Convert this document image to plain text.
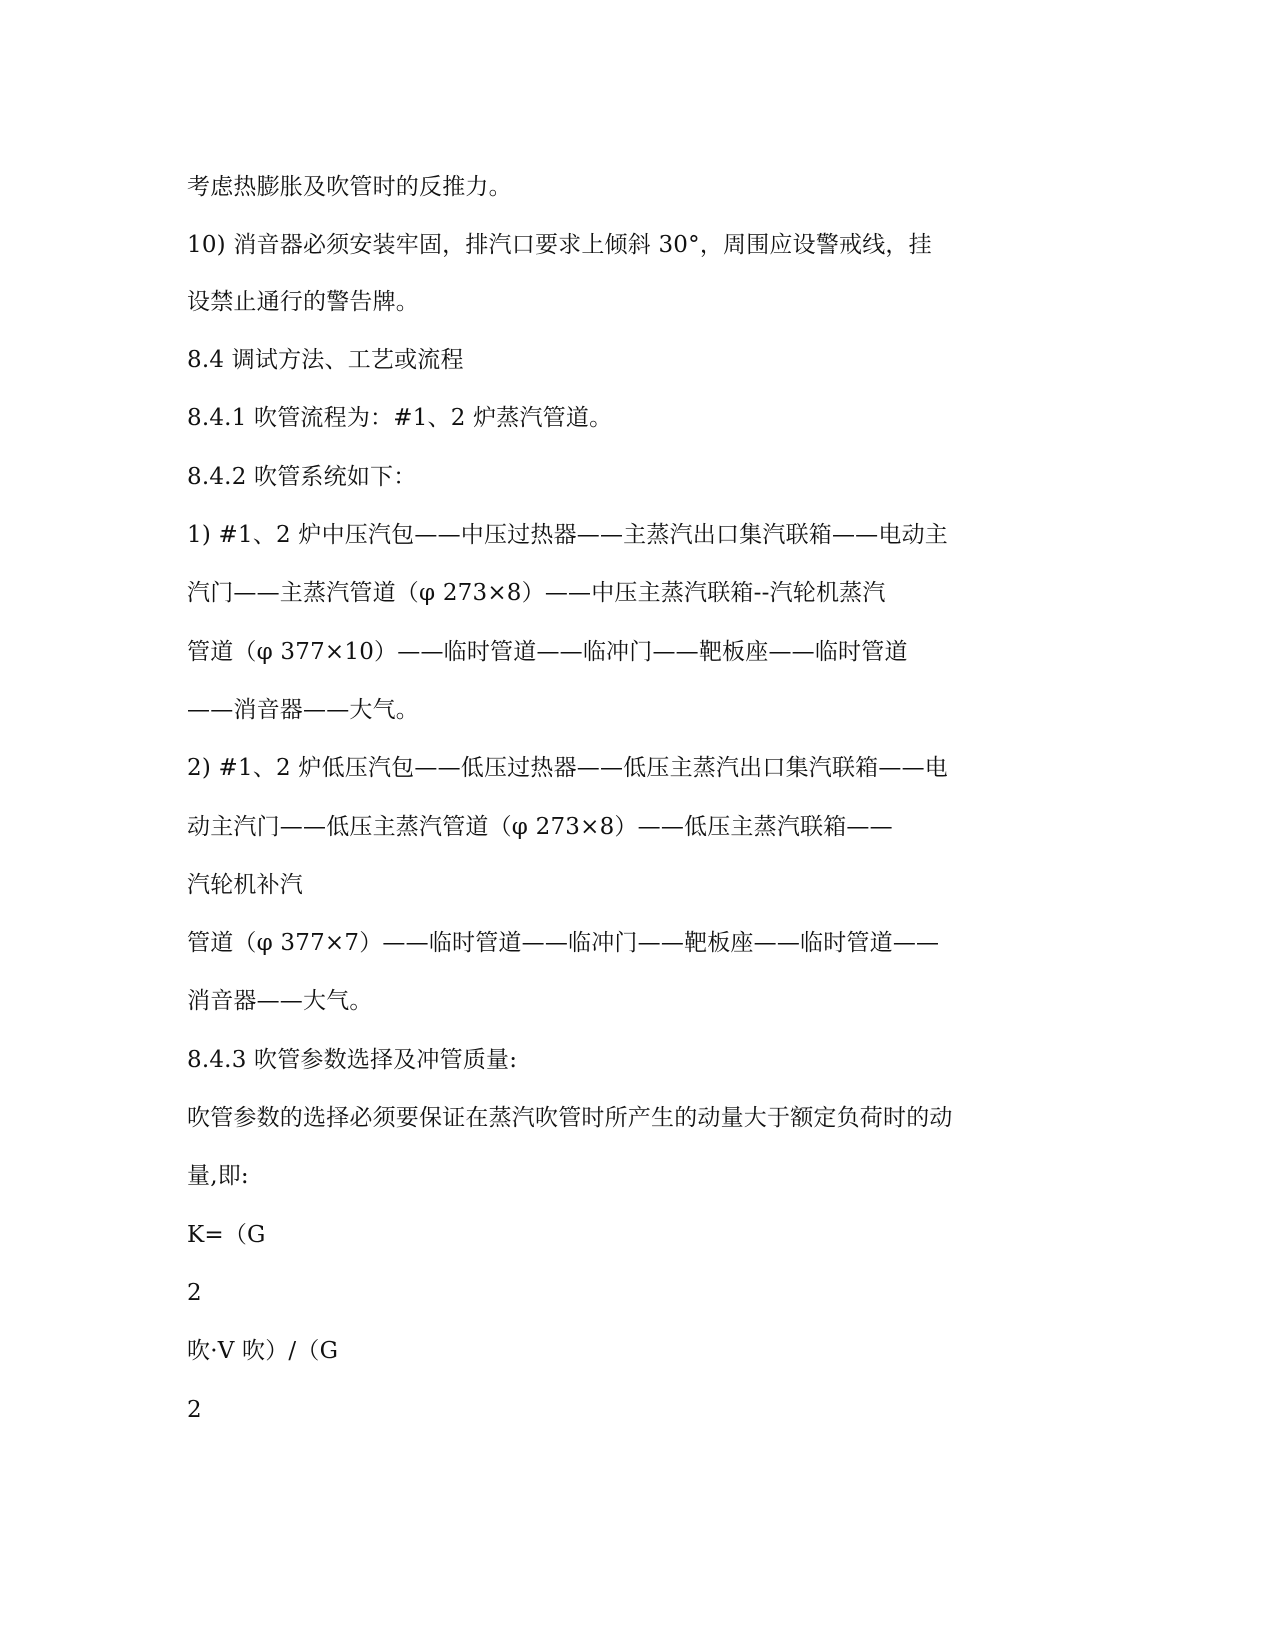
考虑热膨胀及吹管时的反推力。

10) 消音器必须安装牢固，排汽口要求上倾斜 30°，周围应设警戒线，挂

设禁止通行的警告牌。

8.4 调试方法、工艺或流程

8.4.1 吹管流程为：#1、2 炉蒸汽管道。

8.4.2 吹管系统如下：

1) #1、2 炉中压汽包——中压过热器——主蒸汽出口集汽联箱——电动主

汽门——主蒸汽管道（φ 273×8）——中压主蒸汽联箱--汽轮机蒸汽

管道（φ 377×10）——临时管道——临冲门——靶板座——临时管道

——消音器——大气。

2) #1、2 炉低压汽包——低压过热器——低压主蒸汽出口集汽联箱——电

动主汽门——低压主蒸汽管道（φ 273×8）——低压主蒸汽联箱——

汽轮机补汽

管道（φ 377×7）——临时管道——临冲门——靶板座——临时管道——

消音器——大气。

8.4.3 吹管参数选择及冲管质量:

吹管参数的选择必须要保证在蒸汽吹管时所产生的动量大于额定负荷时的动

量,即:

K=（G

2

吹·V 吹）/（G

2
